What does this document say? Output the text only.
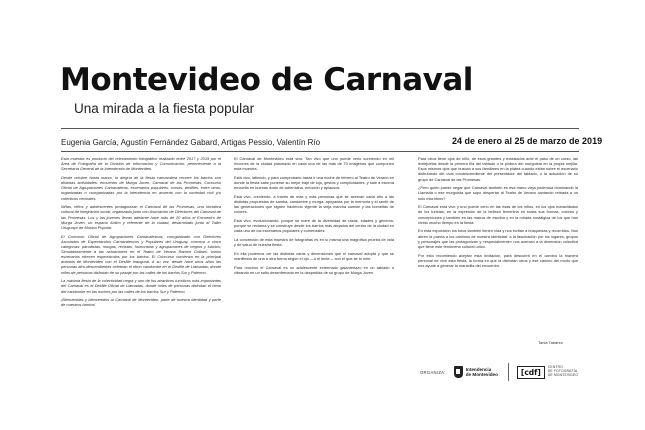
Montevideo de Carnaval
Una mirada a la fiesta popular
Eugenia García, Agustín Fernández Gabard, Artigas Pessio, Valentín Río	24 de enero al 25 de marzo de 2019

Esta muestra es producto del relevamiento fotográfico realizado entre 2017 y 2019 por el Área de Fotografía de la División de Información y Comunicación, perteneciente a la Secretaría General de la Intendencia de Montevideo.

Desde octubre hasta marzo, la alegría de la fiesta carnavalera recorre los barrios con distintas actividades: encuentro de Murga Joven, Carnaval de las Promesas, Concurso Oficial de Agrupaciones Carnavaleras, escenarios populares, corsos, desfiles, entre otras, organizadas o coorganizadas por la Intendencia en acuerdo con la sociedad civil y/o colectivos vecinales.

Niñas, niños y adolescentes protagonizan el Carnaval de las Promesas, una iniciativa cultural de integración social, organizada junto con Asociación de Directores del Carnaval de las Promesas. Los y las jóvenes llevan adelante hace más de 20 años el Encuentro de Murga Joven, un espacio lúdico y referente de la ciudad, desarrollado junto al Taller Uruguayo de Música Popular.

El Concurso Oficial de Agrupaciones Carnavalescas, coorganizado con Directores Asociados de Espectáculos Carnavalescos y Populares del Uruguay, convoca a cinco categorías: parodistas, murgas, revistas, humoristas y agrupaciones de negros y lubolos. Simultáneamente a las actuaciones en el Teatro de Verano Ramón Collazo, varios escenarios ofrecen espectáculos por los barrios. El Concurso comienza en la principal avenida de Montevideo con el Desfile Inaugural. A su vez, desde hace unos años las personas afro-descendientes celebran el ritmo candombe en el Desfile de Llamadas, donde miles de personas disfrutan de su pasaje por las calles de los barrios Sur y Palermo.

La máxima fiesta de la colectividad negra y uno de los atractivos turísticos más importantes del Carnaval es el Desfile Oficial de Llamadas, donde miles de personas disfrutan el ritmo del candombe en las noches por las calles de los barrios Sur y Palermo.

¡Bienvenidas y bienvenidos al Carnaval de Montevideo, parte de nuestra identidad y parte de nuestros barrios!

El Carnaval de Montevideo está vivo. Tan vivo que uno puede verlo sonriendo en mil rincones de la ciudad plasmado en cada una de las más de 70 imágenes que componen esta muestra.

Está vivo, latiendo, y para comprobarlo hasta ir una noche de febrero al Teatro de Verano en donde la fiesta sabe ponerse su mejor traje de lujo, gestos y complicidades, y salir a escena envuelta en buenas dosis de adrenalina, emoción y aplausos.

Está vivo, creciendo, a través de más y más personas que se acercan cada año a las distintas propuestas de samba, candombe y murga, apoyadas por la memoria y el sentir de las generaciones que siguen haciendo vigente la vieja marcha camión y las bombitas de colores.

Está vivo, evolucionando, porque se nutre de la diversidad de razas, edades y géneros, porque se reclama y se construye desde los barrios más alejados del centro de la ciudad en cada uno de los escenarios populares y comerciales.

La concreción de esta muestra de fotografías es en sí misma una magnífica prueba de vida y de salud de nuestra fiesta.

En ella podemos ver las distintas caras y dimensiones que el carnaval adopta y que se manifiesta de una a otra forma según el ojo —o el lente— con el que se lo mire.

Para muchos el Carnaval es un adolescente extremado galanteriazo en un tablado o vibrando en un salto desenfrenado en la despedida de su grupo de Murga Joven.

Para otros tiene ojos de niño, de esos grandes y extasiados ante el paso de un corso, las lentejuelas desde la primera fila del tablado o la pintura del murguista en la propia mejilla. Esos mismos ojos que buscan a sus familiares en la platea cuando están sobre el escenario disfrutando del oval condescendiente del presentador del tablado, o la actuación de su grupo de Carnaval de las Promesas.

¿Pero quién puede negar que Carnaval también es esa mano vieja poderosa dominando la Llamada o ese murguista que supo despertar al Teatro de Verano cantando retirada a un solo micrófono?

El Carnaval está vivo y uno puede verlo en las risas de los niños, en los ojos maravillados de los turistas, en la expresión de la belleza femenina en todas sus formas, colores y concepciones y también en las manos de escriba y en la mirada nostálgica de los que han vivido mucho tiempo en la fiesta.

En esta exposición los fotos también tienen vida y nos invitan a búsquedas y recorridos. Nos abren la puerta a los caminos de nuestra identidad: a la fascinación por los lugares, grupos y personajes que las protagonizan y «especialmente» nos acercan a la dimensión colectiva que tiene este fenómeno cultural único.

Por esto recomiendo aceptar esta invitación, para descubrir en el camino la manera personal de vivir esta fiesta, la forma en que la disfrutan otros y ese camino del modo que nos ayude a generar la maravilla del encuentro.

Tania Tabárez
ORGANIZA:	Intendencia
de Montevideo	[cdf]
CENTRO
DE FOTOGRAFÍA
DE MONTEVIDEO
